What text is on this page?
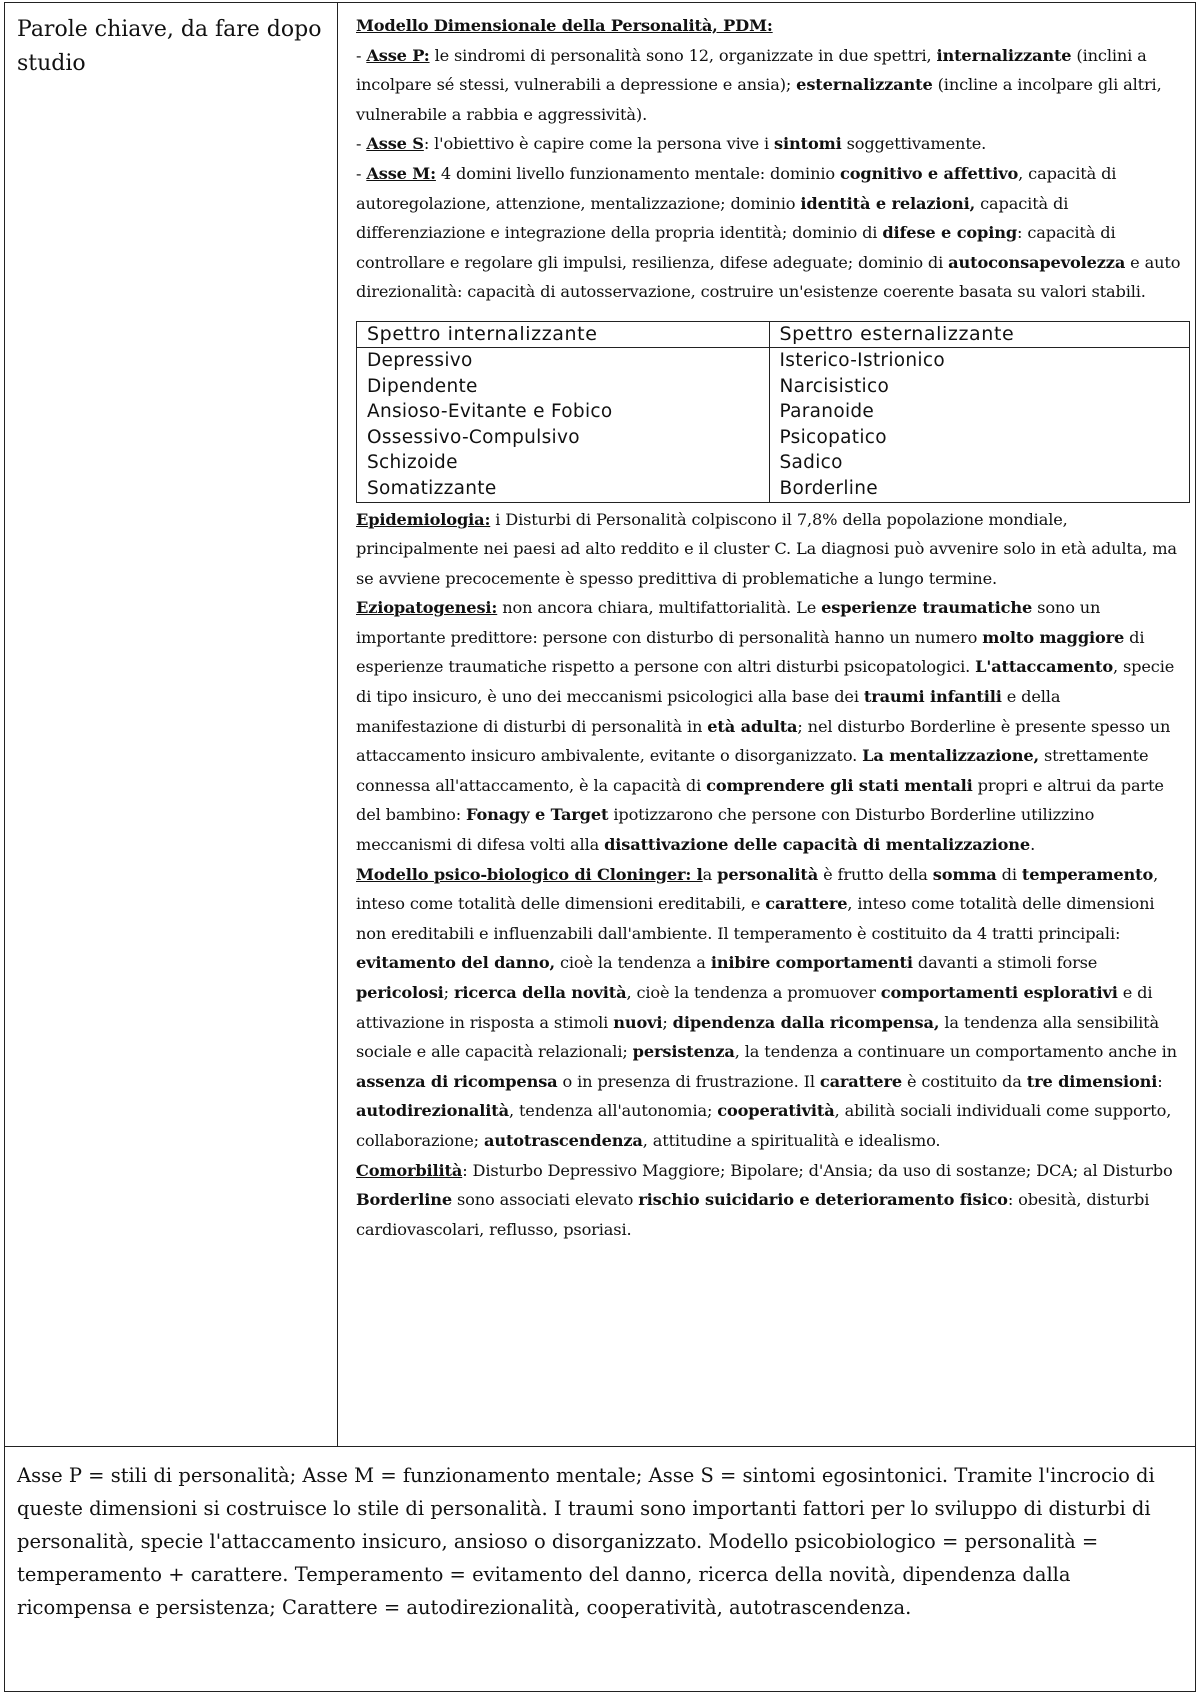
Parole chiave, da fare dopo studio

Modello Dimensionale della Personalità, PDM:
- Asse P: le sindromi di personalità sono 12, organizzate in due spettri, internalizzante (inclini a incolpare sé stessi, vulnerabili a depressione e ansia); esternalizzante (incline a incolpare gli altri, vulnerabile a rabbia e aggressività).
- Asse S: l'obiettivo è capire come la persona vive i sintomi soggettivamente.
- Asse M: 4 domini livello funzionamento mentale: dominio cognitivo e affettivo, capacità di autoregolazione, attenzione, mentalizzazione; dominio identità e relazioni, capacità di differenziazione e integrazione della propria identità; dominio di difese e coping: capacità di controllare e regolare gli impulsi, resilienza, difese adeguate; dominio di autoconsapevolezza e auto direzionalità: capacità di autosservazione, costruire un'esistenze coerente basata su valori stabili.

Spettro internalizzante	Spettro esternalizzante
Depressivo	Isterico-Istrionico
Dipendente	Narcisistico
Ansioso-Evitante e Fobico	Paranoide
Ossessivo-Compulsivo	Psicopatico
Schizoide	Sadico
Somatizzante	Borderline

Epidemiologia: i Disturbi di Personalità colpiscono il 7,8% della popolazione mondiale, principalmente nei paesi ad alto reddito e il cluster C. La diagnosi può avvenire solo in età adulta, ma se avviene precocemente è spesso predittiva di problematiche a lungo termine.

Eziopatogenesi: non ancora chiara, multifattorialità. Le esperienze traumatiche sono un importante predittore: persone con disturbo di personalità hanno un numero molto maggiore di esperienze traumatiche rispetto a persone con altri disturbi psicopatologici. L'attaccamento, specie di tipo insicuro, è uno dei meccanismi psicologici alla base dei traumi infantili e della manifestazione di disturbi di personalità in età adulta; nel disturbo Borderline è presente spesso un attaccamento insicuro ambivalente, evitante o disorganizzato. La mentalizzazione, strettamente connessa all'attaccamento, è la capacità di comprendere gli stati mentali propri e altrui da parte del bambino: Fonagy e Target ipotizzarono che persone con Disturbo Borderline utilizzino meccanismi di difesa volti alla disattivazione delle capacità di mentalizzazione.

Modello psico-biologico di Cloninger: la personalità è frutto della somma di temperamento, inteso come totalità delle dimensioni ereditabili, e carattere, inteso come totalità delle dimensioni non ereditabili e influenzabili dall'ambiente. Il temperamento è costituito da 4 tratti principali: evitamento del danno, cioè la tendenza a inibire comportamenti davanti a stimoli forse pericolosi; ricerca della novità, cioè la tendenza a promuover comportamenti esplorativi e di attivazione in risposta a stimoli nuovi; dipendenza dalla ricompensa, la tendenza alla sensibilità sociale e alle capacità relazionali; persistenza, la tendenza a continuare un comportamento anche in assenza di ricompensa o in presenza di frustrazione. Il carattere è costituito da tre dimensioni: autodirezionalità, tendenza all'autonomia; cooperatività, abilità sociali individuali come supporto, collaborazione; autotrascendenza, attitudine a spiritualità e idealismo.

Comorbilità: Disturbo Depressivo Maggiore; Bipolare; d'Ansia; da uso di sostanze; DCA; al Disturbo Borderline sono associati elevato rischio suicidario e deterioramento fisico: obesità, disturbi cardiovascolari, reflusso, psoriasi.

Asse P = stili di personalità; Asse M = funzionamento mentale; Asse S = sintomi egosintonici. Tramite l'incrocio di queste dimensioni si costruisce lo stile di personalità. I traumi sono importanti fattori per lo sviluppo di disturbi di personalità, specie l'attaccamento insicuro, ansioso o disorganizzato. Modello psicobiologico = personalità = temperamento + carattere. Temperamento = evitamento del danno, ricerca della novità, dipendenza dalla ricompensa e persistenza; Carattere = autodirezionalità, cooperatività, autotrascendenza.
